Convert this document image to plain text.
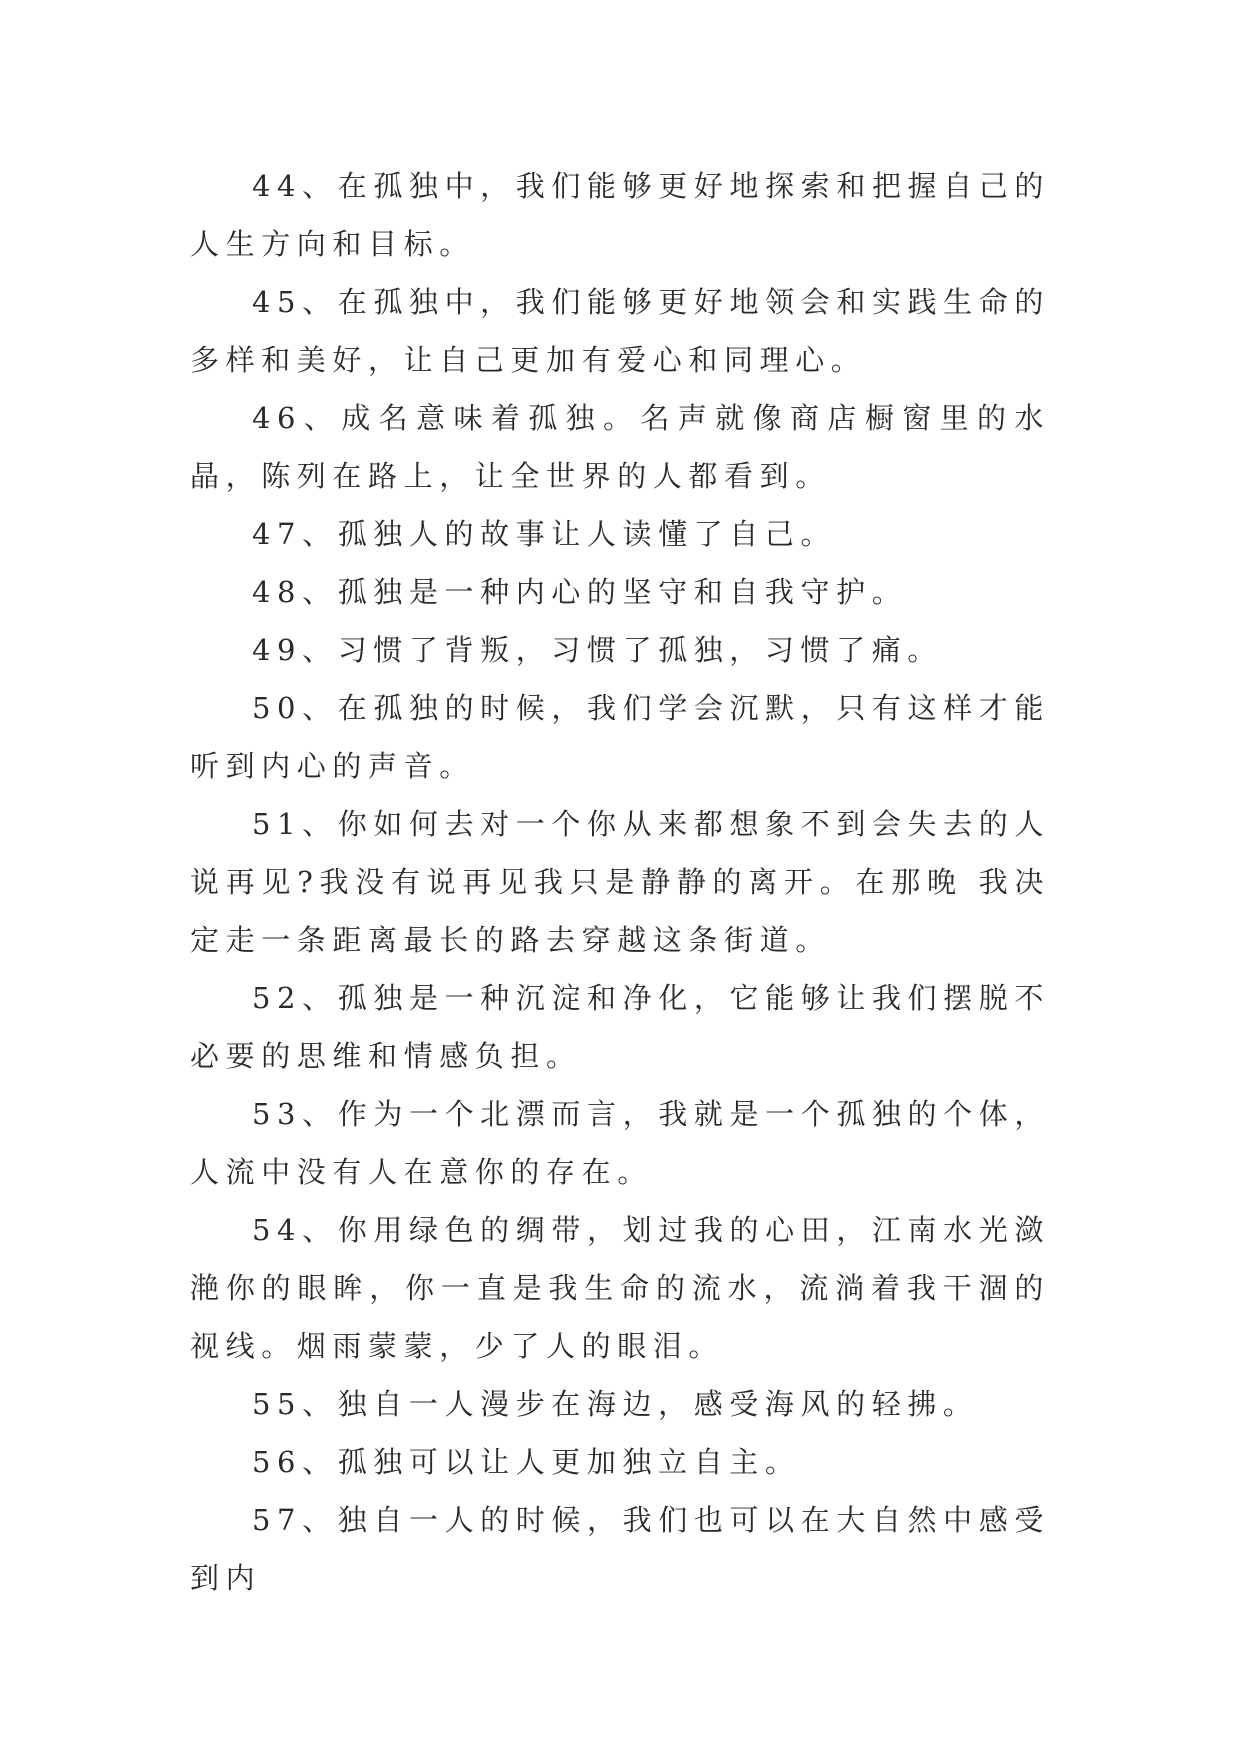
44、在孤独中，我们能够更好地探索和把握自己的人生方向和目标。

45、在孤独中，我们能够更好地领会和实践生命的多样和美好，让自己更加有爱心和同理心。

46、成名意味着孤独。名声就像商店橱窗里的水晶，陈列在路上，让全世界的人都看到。

47、孤独人的故事让人读懂了自己。

48、孤独是一种内心的坚守和自我守护。

49、习惯了背叛，习惯了孤独，习惯了痛。

50、在孤独的时候，我们学会沉默，只有这样才能听到内心的声音。

51、你如何去对一个你从来都想象不到会失去的人说再见?我没有说再见我只是静静的离开。在那晚 我决定走一条距离最长的路去穿越这条街道。

52、孤独是一种沉淀和净化，它能够让我们摆脱不必要的思维和情感负担。

53、作为一个北漂而言，我就是一个孤独的个体，人流中没有人在意你的存在。

54、你用绿色的绸带，划过我的心田，江南水光潋滟你的眼眸，你一直是我生命的流水，流淌着我干涸的视线。烟雨蒙蒙，少了人的眼泪。

55、独自一人漫步在海边，感受海风的轻拂。

56、孤独可以让人更加独立自主。

57、独自一人的时候，我们也可以在大自然中感受到内
